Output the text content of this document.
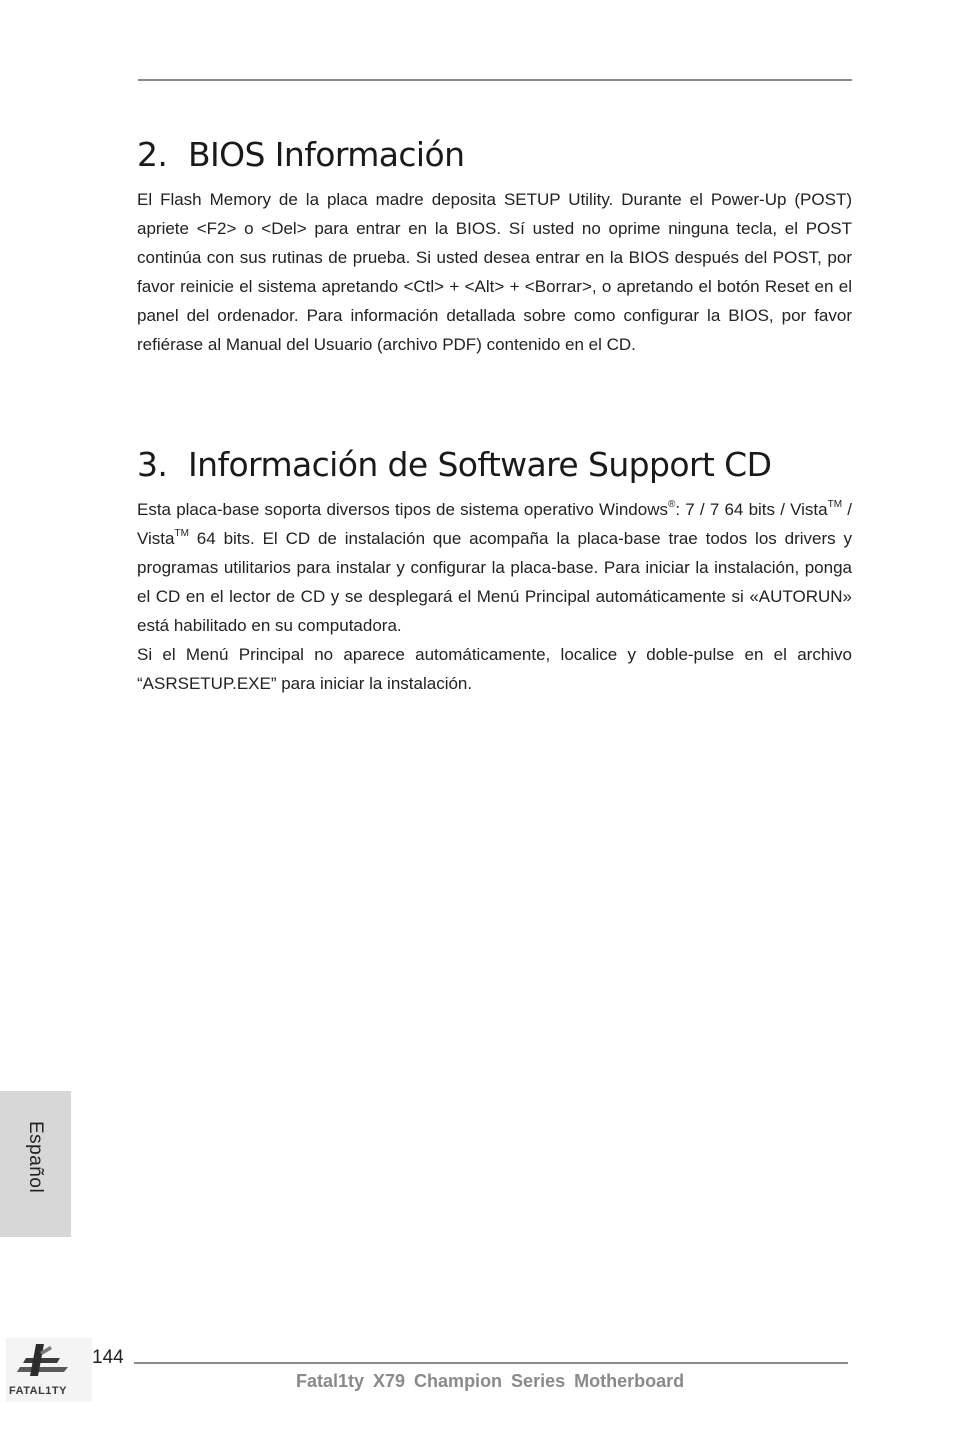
2. BIOS Información

El Flash Memory de la placa madre deposita SETUP Utility. Durante el Power-Up (POST) apriete <F2> o <Del> para entrar en la BIOS. Sí usted no oprime ninguna tecla, el POST continúa con sus rutinas de prueba. Si usted desea entrar en la BIOS después del POST, por favor reinicie el sistema apretando <Ctl> + <Alt> + <Borrar>, o apretando el botón Reset en el panel del ordenador. Para información detallada sobre como configurar la BIOS, por favor refiérase al Manual del Usuario (archivo PDF) contenido en el CD.

3. Información de Software Support CD

Esta placa-base soporta diversos tipos de sistema operativo Windows®: 7 / 7 64 bits / Vista™ / Vista™ 64 bits. El CD de instalación que acompaña la placa-base trae todos los drivers y programas utilitarios para instalar y configurar la placa-base. Para iniciar la instalación, ponga el CD en el lector de CD y se desplegará el Menú Principal automáticamente si «AUTORUN» está habilitado en su computadora.
Si el Menú Principal no aparece automáticamente, localice y doble-pulse en el archivo “ASRSETUP.EXE” para iniciar la instalación.

Español
FATAL1TY
144
Fatal1ty X79 Champion Series Motherboard
